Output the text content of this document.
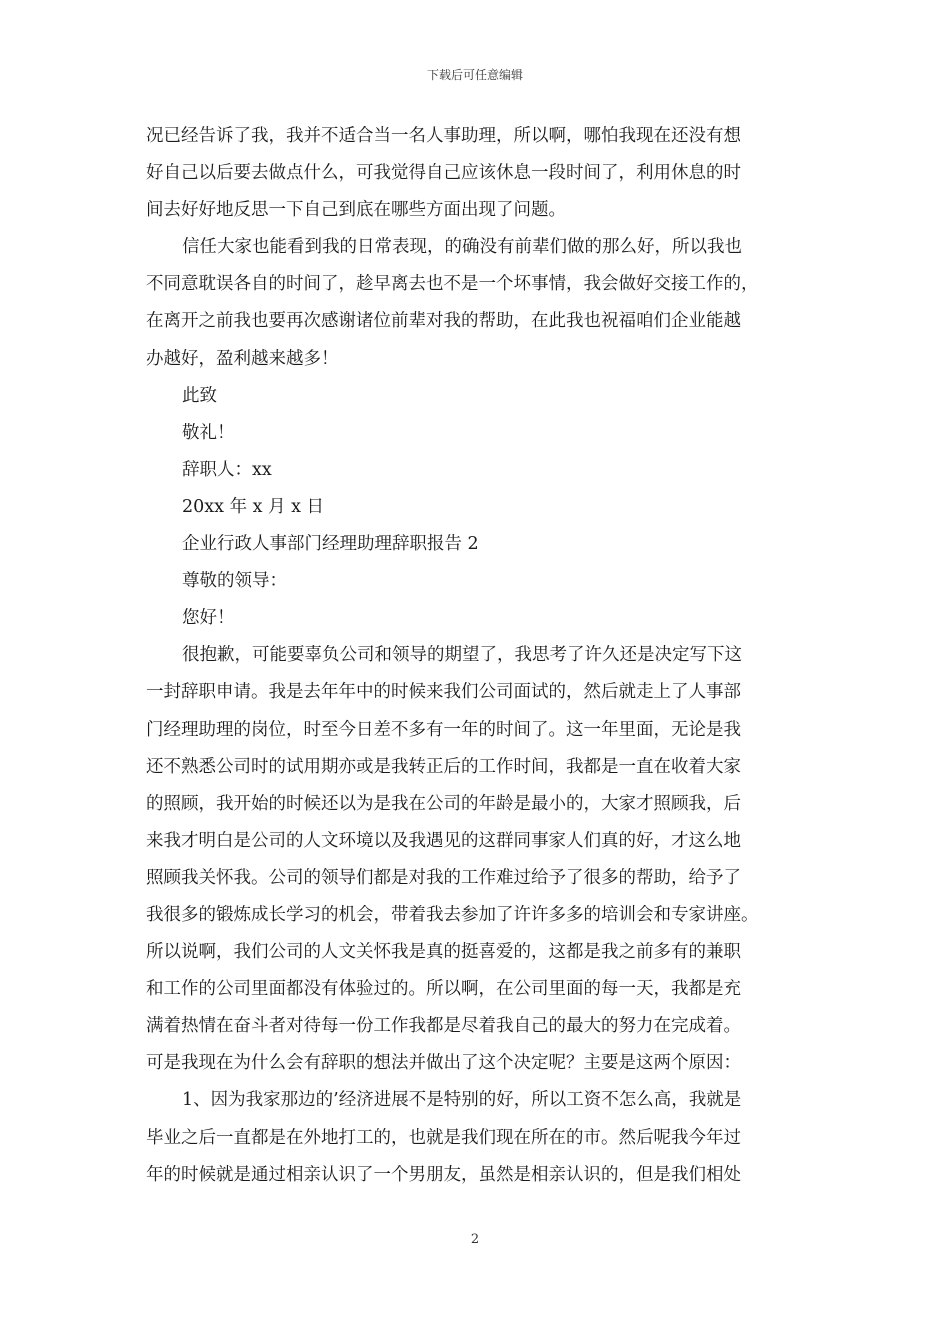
下载后可任意编辑
况已经告诉了我，我并不适合当一名人事助理，所以啊，哪怕我现在还没有想
好自己以后要去做点什么，可我觉得自己应该休息一段时间了，利用休息的时
间去好好地反思一下自己到底在哪些方面出现了问题。
信任大家也能看到我的日常表现，的确没有前辈们做的那么好，所以我也
不同意耽误各自的时间了，趁早离去也不是一个坏事情，我会做好交接工作的，
在离开之前我也要再次感谢诸位前辈对我的帮助，在此我也祝福咱们企业能越
办越好，盈利越来越多！
此致
敬礼！
辞职人：xx
20xx 年 x 月 x 日
企业行政人事部门经理助理辞职报告 2
尊敬的领导：
您好！
很抱歉，可能要辜负公司和领导的期望了，我思考了许久还是决定写下这
一封辞职申请。我是去年年中的时候来我们公司面试的，然后就走上了人事部
门经理助理的岗位，时至今日差不多有一年的时间了。这一年里面，无论是我
还不熟悉公司时的试用期亦或是我转正后的工作时间，我都是一直在收着大家
的照顾，我开始的时候还以为是我在公司的年龄是最小的，大家才照顾我，后
来我才明白是公司的人文环境以及我遇见的这群同事家人们真的好，才这么地
照顾我关怀我。公司的领导们都是对我的工作难过给予了很多的帮助，给予了
我很多的锻炼成长学习的机会，带着我去参加了许许多多的培训会和专家讲座。
所以说啊，我们公司的人文关怀我是真的挺喜爱的，这都是我之前多有的兼职
和工作的公司里面都没有体验过的。所以啊，在公司里面的每一天，我都是充
满着热情在奋斗者对待每一份工作我都是尽着我自己的最大的努力在完成着。
可是我现在为什么会有辞职的想法并做出了这个决定呢？主要是这两个原因：
1、因为我家那边的’经济进展不是特别的好，所以工资不怎么高，我就是
毕业之后一直都是在外地打工的，也就是我们现在所在的市。然后呢我今年过
年的时候就是通过相亲认识了一个男朋友，虽然是相亲认识的，但是我们相处
2
